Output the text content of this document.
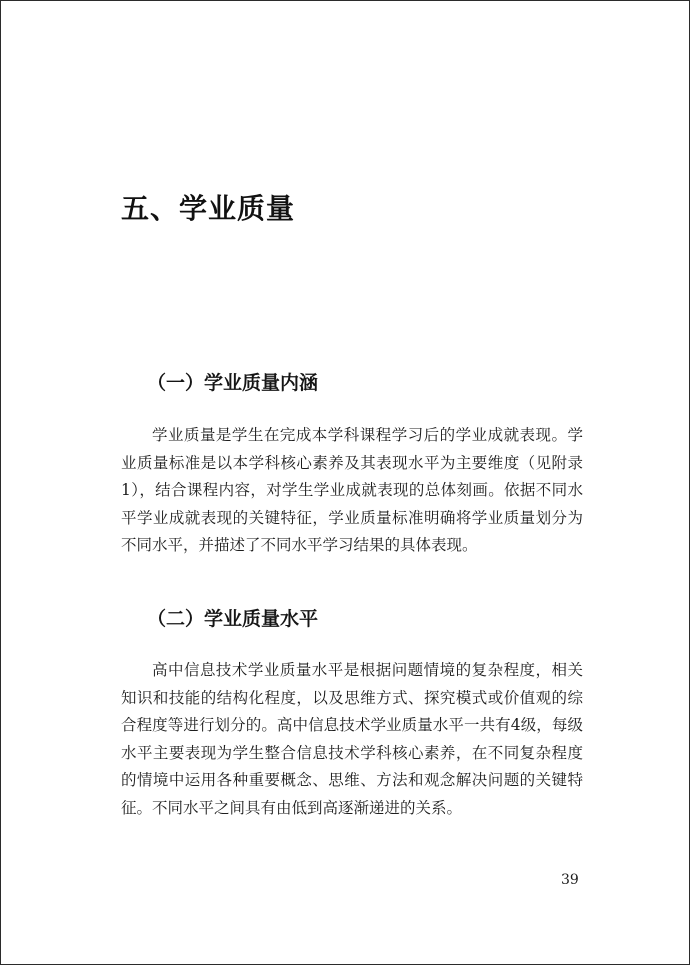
五、学业质量
（一）学业质量内涵

学业质量是学生在完成本学科课程学习后的学业成就表现。学业质量标准是以本学科核心素养及其表现水平为主要维度（见附录1），结合课程内容，对学生学业成就表现的总体刻画。依据不同水平学业成就表现的关键特征，学业质量标准明确将学业质量划分为不同水平，并描述了不同水平学习结果的具体表现。

（二）学业质量水平

高中信息技术学业质量水平是根据问题情境的复杂程度，相关知识和技能的结构化程度，以及思维方式、探究模式或价值观的综合程度等进行划分的。高中信息技术学业质量水平一共有4级，每级水平主要表现为学生整合信息技术学科核心素养，在不同复杂程度的情境中运用各种重要概念、思维、方法和观念解决问题的关键特征。不同水平之间具有由低到高逐渐递进的关系。

39
